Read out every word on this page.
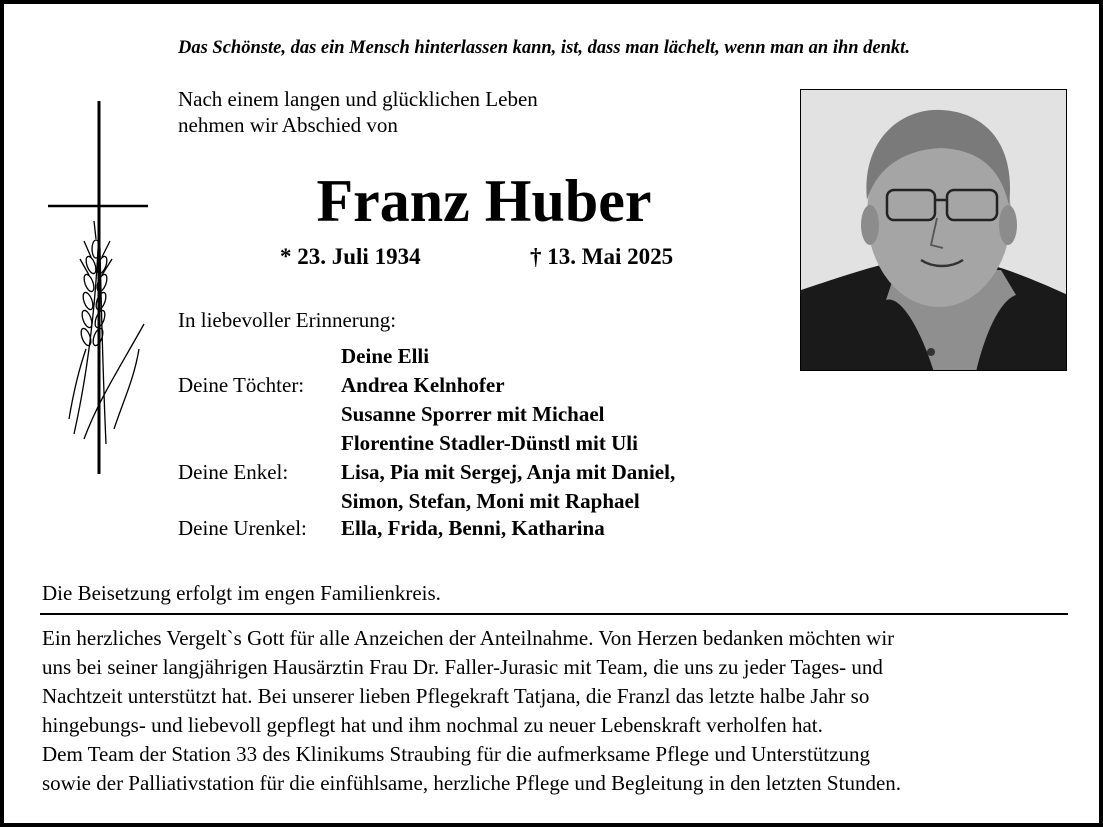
Das Schönste, das ein Mensch hinterlassen kann, ist, dass man lächelt, wenn man an ihn denkt.
Nach einem langen und glücklichen Leben
nehmen wir Abschied von
Franz Huber
* 23. Juli 1934	† 13. Mai 2025
In liebevoller Erinnerung:
Deine Elli
Deine Töchter: Andrea Kelnhofer
Susanne Sporrer mit Michael
Florentine Stadler-Dünstl mit Uli
Deine Enkel:	Lisa, Pia mit Sergej, Anja mit Daniel,
Simon, Stefan, Moni mit Raphael
Deine Urenkel: Ella, Frida, Benni, Katharina
Die Beisetzung erfolgt im engen Familienkreis.
Ein herzliches Vergelt`s Gott für alle Anzeichen der Anteilnahme. Von Herzen bedanken möchten wir
uns bei seiner langjährigen Hausärztin Frau Dr. Faller-Jurasic mit Team, die uns zu jeder Tages- und
Nachtzeit unterstützt hat. Bei unserer lieben Pflegekraft Tatjana, die Franzl das letzte halbe Jahr so
hingebungs- und liebevoll gepflegt hat und ihm nochmal zu neuer Lebenskraft verholfen hat.
Dem Team der Station 33 des Klinikums Straubing für die aufmerksame Pflege und Unterstützung
sowie der Palliativstation für die einfühlsame, herzliche Pflege und Begleitung in den letzten Stunden.
